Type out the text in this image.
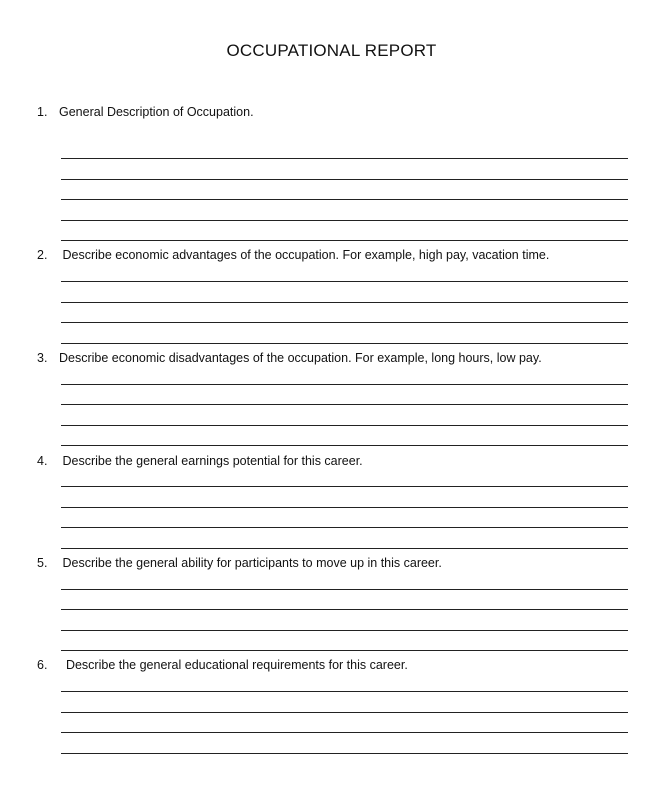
OCCUPATIONAL REPORT
1. General Description of Occupation.
2. Describe economic advantages of the occupation. For example, high pay, vacation time.
3. Describe economic disadvantages of the occupation. For example, long hours, low pay.
4. Describe the general earnings potential for this career.
5. Describe the general ability for participants to move up in this career.
6.  Describe the general educational requirements for this career.
